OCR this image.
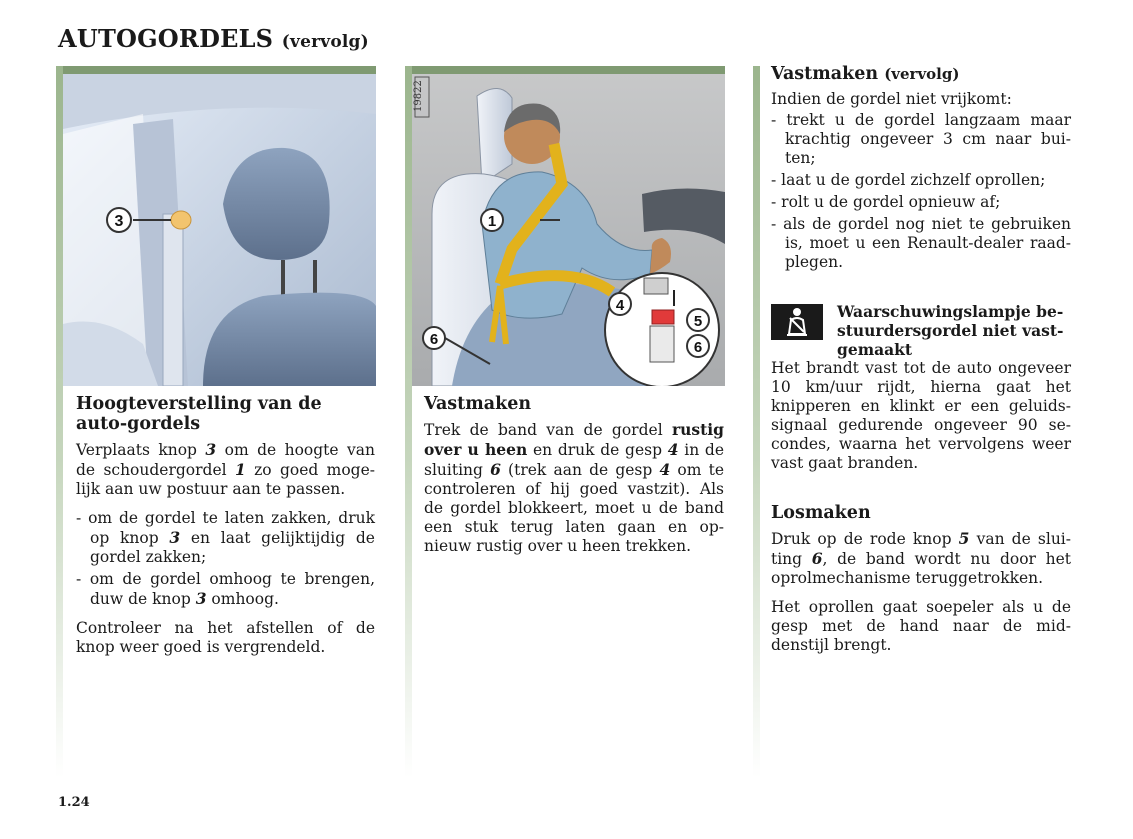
AUTOGORDELS (vervolg)
3
19822
1
4
5
6
6
Hoogteverstelling van de auto-gordels

Verplaats knop 3 om de hoogte van de schoudergordel 1 zo goed moge-lijk aan uw postuur aan te passen.

- om de gordel te laten zakken, druk op knop 3 en laat gelijktijdig de gordel zakken;
- om de gordel omhoog te brengen, duw de knop 3 omhoog.

Controleer na het afstellen of de knop weer goed is vergrendeld.

Vastmaken

Trek de band van de gordel rustig over u heen en druk de gesp 4 in de sluiting 6 (trek aan de gesp 4 om te controleren of hij goed vastzit). Als de gordel blokkeert, moet u de band een stuk terug laten gaan en op-nieuw rustig over u heen trekken.

Vastmaken (vervolg)

Indien de gordel niet vrijkomt:

- trekt u de gordel langzaam maar krachtig ongeveer 3 cm naar bui-ten;
- laat u de gordel zichzelf oprollen;
- rolt u de gordel opnieuw af;
- als de gordel nog niet te gebruiken is, moet u een Renault-dealer raad-plegen.
Waarschuwingslampje be-stuurdersgordel niet vast-gemaakt

Het brandt vast tot de auto ongeveer 10 km/uur rijdt, hierna gaat het knipperen en klinkt er een geluids-signaal gedurende ongeveer 90 se-condes, waarna het vervolgens weer vast gaat branden.

Losmaken

Druk op de rode knop 5 van de slui-ting 6, de band wordt nu door het oprolmechanisme teruggetrokken.

Het oprollen gaat soepeler als u de gesp met de hand naar de mid-denstijl brengt.

1.24
